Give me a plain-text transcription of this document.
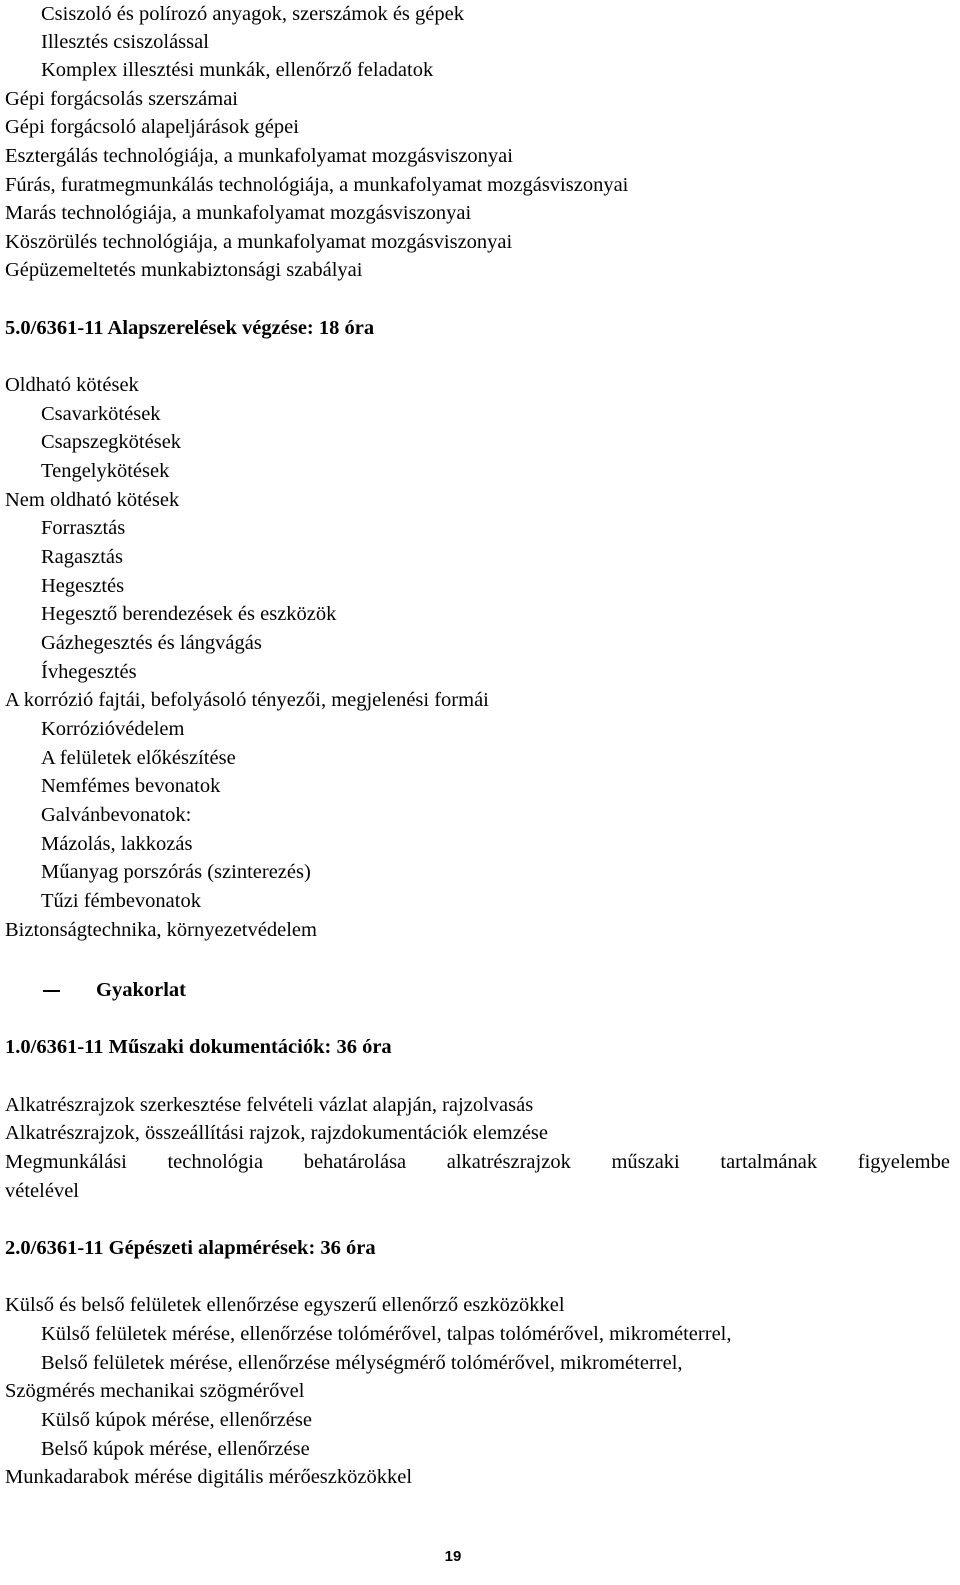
Csiszoló és polírozó anyagok, szerszámok és gépek
Illesztés csiszolással
Komplex illesztési munkák, ellenőrző feladatok
Gépi forgácsolás szerszámai
Gépi forgácsoló alapeljárások gépei
Esztergálás technológiája, a munkafolyamat mozgásviszonyai
Fúrás, furatmegmunkálás technológiája, a munkafolyamat mozgásviszonyai
Marás technológiája, a munkafolyamat mozgásviszonyai
Köszörülés technológiája, a munkafolyamat mozgásviszonyai
Gépüzemeltetés munkabiztonsági szabályai
5.0/6361-11 Alapszerelések végzése: 18 óra
Oldható kötések
Csavarkötések
Csapszegkötések
Tengelykötések
Nem oldható kötések
Forrasztás
Ragasztás
Hegesztés
Hegesztő berendezések és eszközök
Gázhegesztés és lángvágás
Ívhegesztés
A korrózió fajtái, befolyásoló tényezői, megjelenési formái
Korrózióvédelem
A felületek előkészítése
Nemfémes bevonatok
Galvánbevonatok:
Mázolás, lakkozás
Műanyag porszórás (szinterezés)
Tűzi fémbevonatok
Biztonságtechnika, környezetvédelem
Gyakorlat
1.0/6361-11 Műszaki dokumentációk: 36 óra
Alkatrészrajzok szerkesztése felvételi vázlat alapján, rajzolvasás
Alkatrészrajzok, összeállítási rajzok, rajzdokumentációk elemzése
Megmunkálási technológia behatárolása alkatrészrajzok műszaki tartalmának figyelembe
vételével
2.0/6361-11 Gépészeti alapmérések: 36 óra
Külső és belső felületek ellenőrzése egyszerű ellenőrző eszközökkel
Külső felületek mérése, ellenőrzése tolómérővel, talpas tolómérővel, mikrométerrel,
Belső felületek mérése, ellenőrzése mélységmérő tolómérővel, mikrométerrel,
Szögmérés mechanikai szögmérővel
Külső kúpok mérése, ellenőrzése
Belső kúpok mérése, ellenőrzése
Munkadarabok mérése digitális mérőeszközökkel
19
